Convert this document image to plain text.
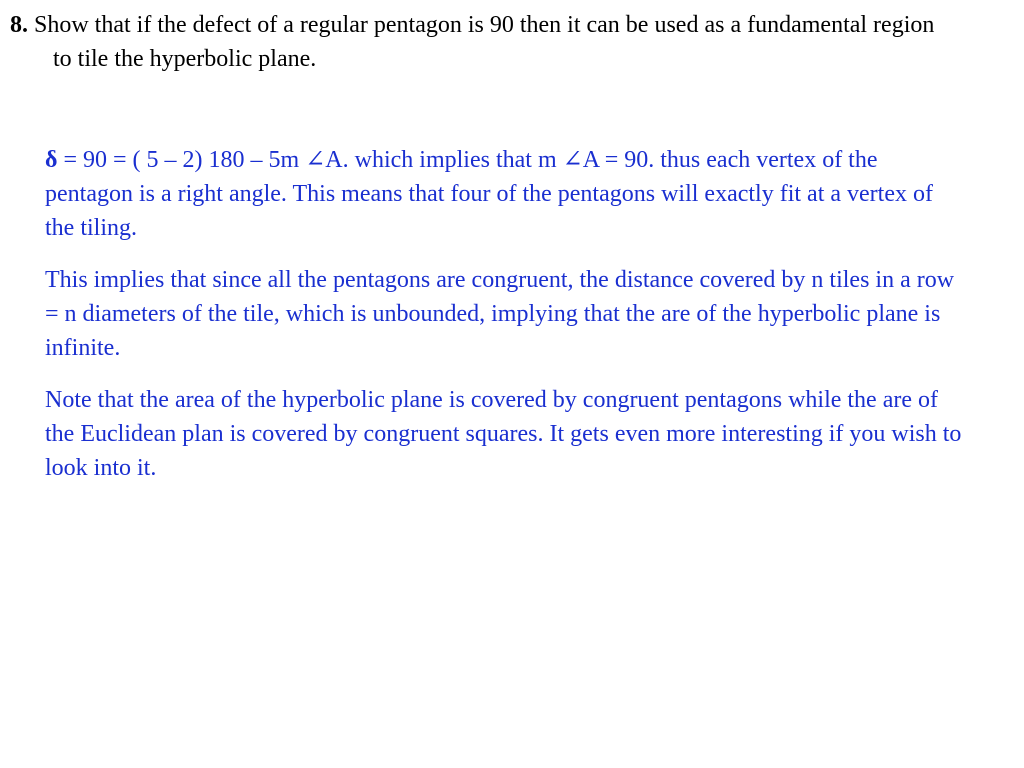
8. Show that if the defect of a regular pentagon is 90 then it can be used as a fundamental region to tile the hyperbolic plane.

δ = 90 = ( 5 – 2) 180 – 5m ∠A. which implies that m ∠A = 90. thus each vertex of the pentagon is a right angle. This means that four of the pentagons will exactly fit at a vertex of the tiling.

This implies that since all the pentagons are congruent, the distance covered by n tiles in a row = n diameters of the tile, which is unbounded, implying that the are of the hyperbolic plane is infinite.

Note that the area of the hyperbolic plane is covered by congruent pentagons while the are of the Euclidean plan is covered by congruent squares. It gets even more interesting if you wish to look into it.
